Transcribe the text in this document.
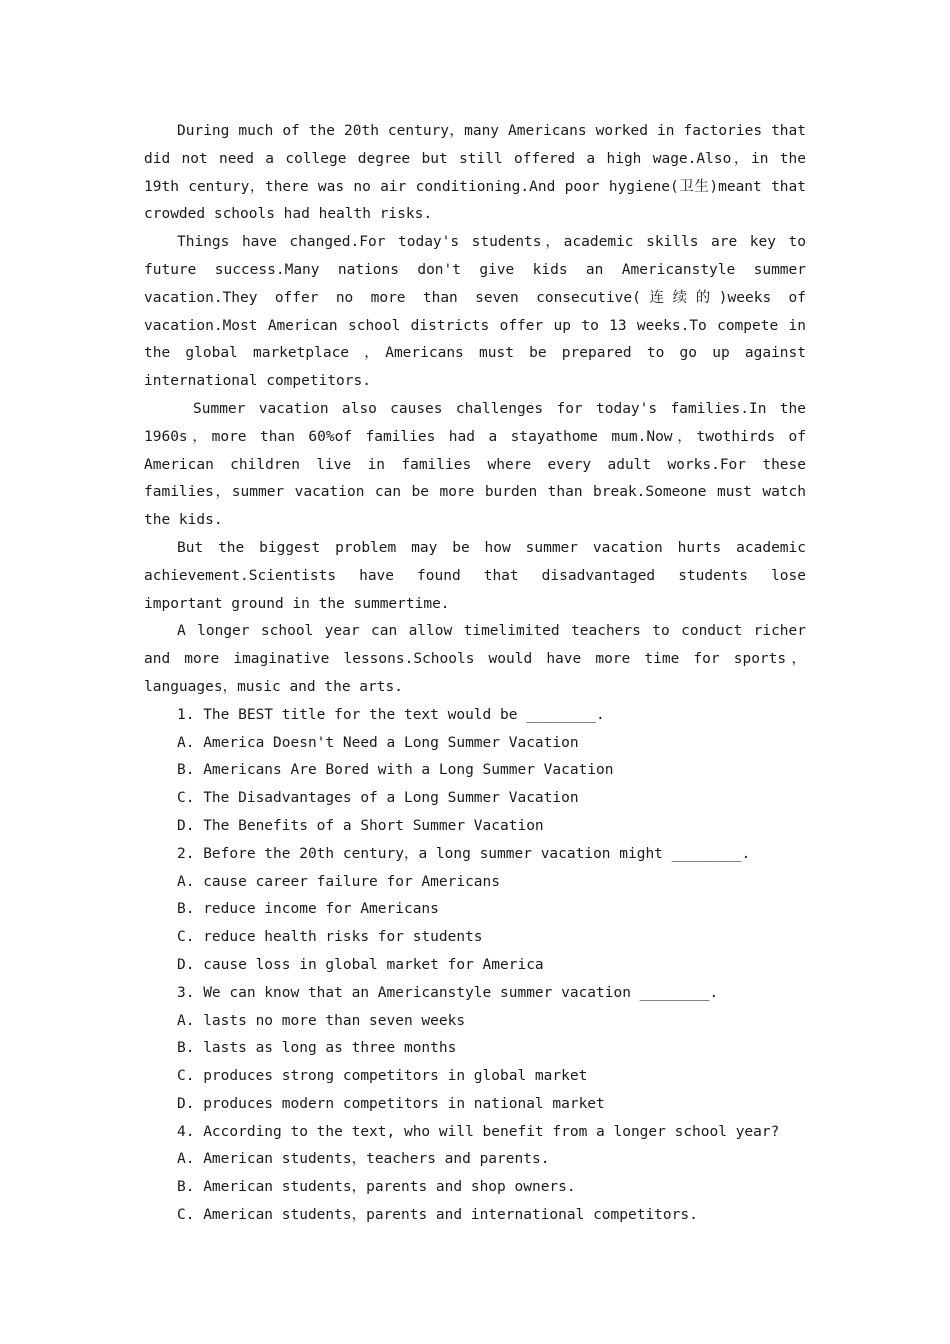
During much of the 20th century，many Americans worked in factories that did not need a college degree but still offered a high wage.Also，in the 19th century，there was no air conditioning.And poor hygiene(卫生)meant that crowded schools had health risks.

Things have changed.For today's students，academic skills are key to future success.Many nations don't give kids an Americanstyle summer vacation.They offer no more than seven consecutive(连续的)weeks of vacation.Most American school districts offer up to 13 weeks.To compete in the global marketplace ，Americans must be prepared to go up against international competitors.

Summer vacation also causes challenges for today's families.In the 1960s，more than 60%of families had a stayathome mum.Now，twothirds of American children live in families where every adult works.For these families，summer vacation can be more burden than break.Someone must watch the kids.

But the biggest problem may be how summer vacation hurts academic achievement.Scientists have found that disadvantaged students lose important ground in the summertime.

A longer school year can allow timelimited teachers to conduct richer and more imaginative lessons.Schools would have more time for sports，languages，music and the arts.

1. The BEST title for the text would be ________.

A. America Doesn't Need a Long Summer Vacation

B. Americans Are Bored with a Long Summer Vacation

C. The Disadvantages of a Long Summer Vacation

D. The Benefits of a Short Summer Vacation

2. Before the 20th century，a long summer vacation might ________.

A. cause career failure for Americans

B. reduce income for Americans

C. reduce health risks for students

D. cause loss in global market for America

3. We can know that an Americanstyle summer vacation ________.

A. lasts no more than seven weeks

B. lasts as long as three months

C. produces strong competitors in global market

D. produces modern competitors in national market

4. According to the text, who will benefit from a longer school year?

A. American students，teachers and parents.

B. American students，parents and shop owners.

C. American students，parents and international competitors.
